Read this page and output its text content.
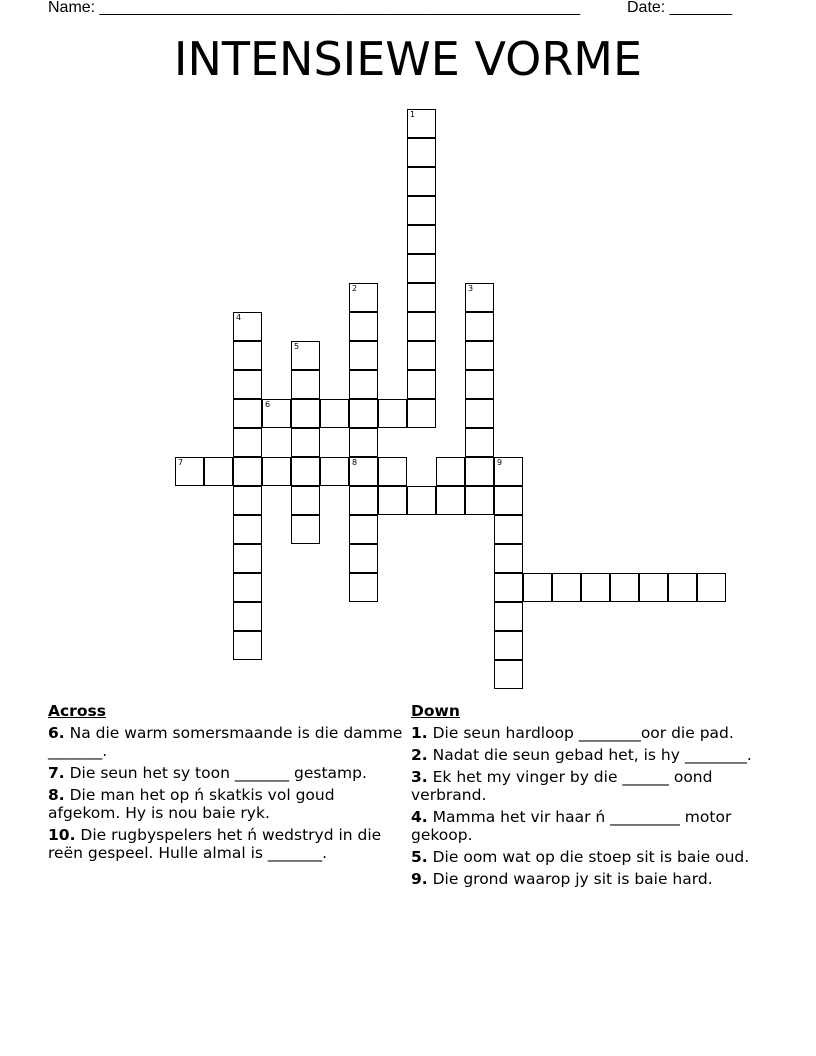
Name: ______________________________________________________	Date: _______
INTENSIEWE VORME
1
2
8
3
4
5
6
7	9
Across
6. Na die warm somersmaande is die damme _______.
7. Die seun het sy toon _______ gestamp.
8. Die man het op ń skatkis vol goud afgekom. Hy is nou baie ryk.
10. Die rugbyspelers het ń wedstryd in die reën gespeel. Hulle almal is _______.
Down
1. Die seun hardloop ________oor die pad.
2. Nadat die seun gebad het, is hy ________.
3. Ek het my vinger by die ______ oond verbrand.
4. Mamma het vir haar ń _________ motor gekoop.
5. Die oom wat op die stoep sit is baie oud.
9. Die grond waarop jy sit is baie hard.
